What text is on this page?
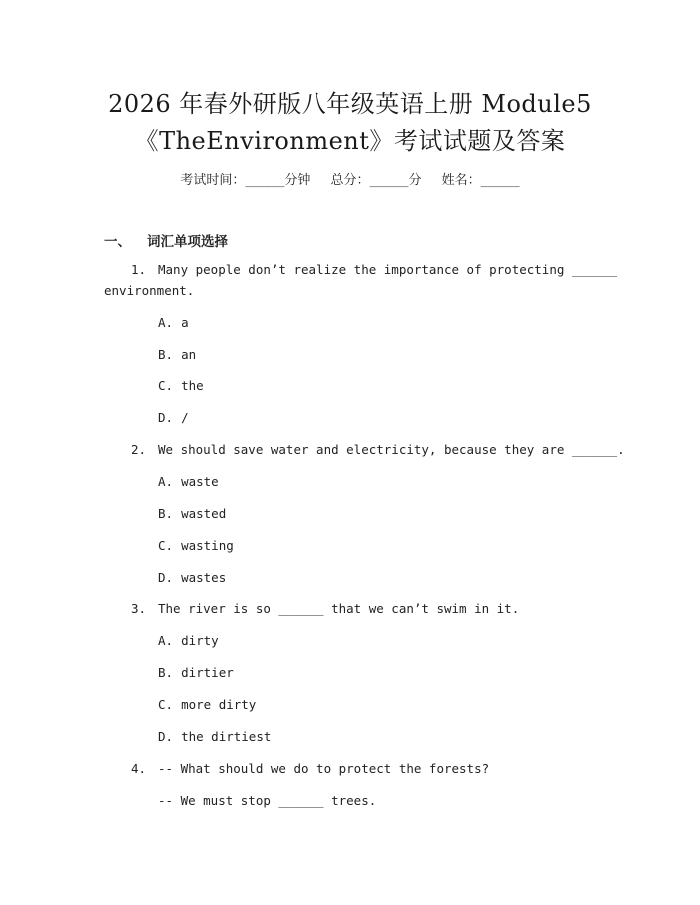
2026 年春外研版八年级英语上册 Module5
《TheEnvironment》考试试题及答案
考试时间：______分钟 总分：______分 姓名：______
一、 词汇单项选择
1. Many people don’t realize the importance of protecting ______
environment.
A. a
B. an
C. the
D. /
2. We should save water and electricity, because they are ______.
A. waste
B. wasted
C. wasting
D. wastes
3. The river is so ______ that we can’t swim in it.
A. dirty
B. dirtier
C. more dirty
D. the dirtiest
4. -- What should we do to protect the forests?
-- We must stop ______ trees.
